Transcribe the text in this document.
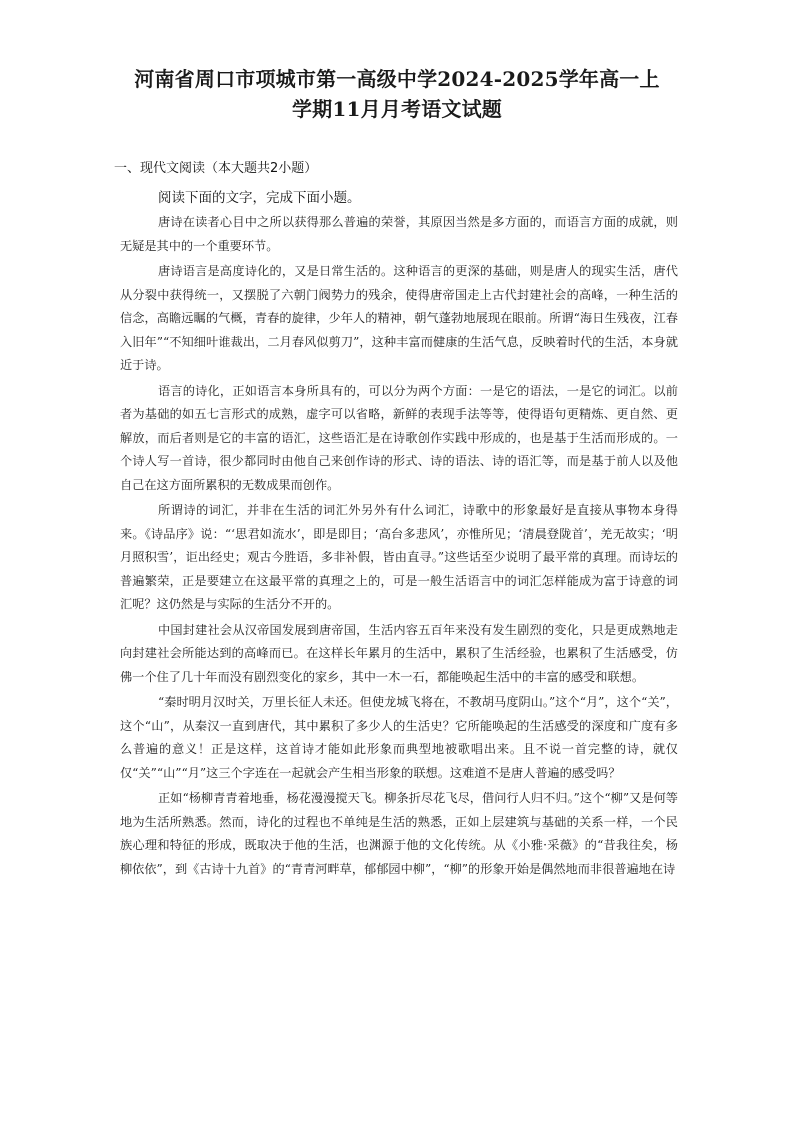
河南省周口市项城市第一高级中学2024-2025学年高一上
学期11月月考语文试题
一、现代文阅读（本大题共2小题）
阅读下面的文字，完成下面小题。

唐诗在读者心目中之所以获得那么普遍的荣誉，其原因当然是多方面的，而语言方面的成就，则无疑是其中的一个重要环节。

唐诗语言是高度诗化的，又是日常生活的。这种语言的更深的基础，则是唐人的现实生活，唐代从分裂中获得统一，又摆脱了六朝门阀势力的残余，使得唐帝国走上古代封建社会的高峰，一种生活的信念，高瞻远瞩的气概，青春的旋律，少年人的精神，朝气蓬勃地展现在眼前。所谓“海日生残夜，江春入旧年”“不知细叶谁裁出，二月春风似剪刀”，这种丰富而健康的生活气息，反映着时代的生活，本身就近于诗。

语言的诗化，正如语言本身所具有的，可以分为两个方面：一是它的语法，一是它的词汇。以前者为基础的如五七言形式的成熟，虚字可以省略，新鲜的表现手法等等，使得语句更精炼、更自然、更解放，而后者则是它的丰富的语汇，这些语汇是在诗歌创作实践中形成的，也是基于生活而形成的。一个诗人写一首诗，很少都同时由他自己来创作诗的形式、诗的语法、诗的语汇等，而是基于前人以及他自己在这方面所累积的无数成果而创作。

所谓诗的词汇，并非在生活的词汇外另外有什么词汇，诗歌中的形象最好是直接从事物本身得来。《诗品序》说：“‘思君如流水’，即是即目；‘高台多悲风’，亦惟所见；‘清晨登陇首’，羌无故实；‘明月照积雪’，讵出经史；观古今胜语，多非补假，皆由直寻。”这些话至少说明了最平常的真理。而诗坛的普遍繁荣，正是要建立在这最平常的真理之上的，可是一般生活语言中的词汇怎样能成为富于诗意的词汇呢？这仍然是与实际的生活分不开的。

中国封建社会从汉帝国发展到唐帝国，生活内容五百年来没有发生剧烈的变化，只是更成熟地走向封建社会所能达到的高峰而已。在这样长年累月的生活中，累积了生活经验，也累积了生活感受，仿佛一个住了几十年而没有剧烈变化的家乡，其中一木一石，都能唤起生活中的丰富的感受和联想。

“秦时明月汉时关，万里长征人未还。但使龙城飞将在，不教胡马度阴山。”这个“月”，这个“关”，这个“山”，从秦汉一直到唐代，其中累积了多少人的生活史？它所能唤起的生活感受的深度和广度有多么普遍的意义！正是这样，这首诗才能如此形象而典型地被歌唱出来。且不说一首完整的诗，就仅仅“关”“山”“月”这三个字连在一起就会产生相当形象的联想。这难道不是唐人普遍的感受吗？

正如“杨柳青青着地垂，杨花漫漫搅天飞。柳条折尽花飞尽，借问行人归不归。”这个“柳”又是何等地为生活所熟悉。然而，诗化的过程也不单纯是生活的熟悉，正如上层建筑与基础的关系一样，一个民族心理和特征的形成，既取决于他的生活，也渊源于他的文化传统。从《小雅·采薇》的“昔我往矣，杨柳依依”，到《古诗十九首》的“青青河畔草，郁郁园中柳”，“柳”的形象开始是偶然地而非很普遍地在诗
